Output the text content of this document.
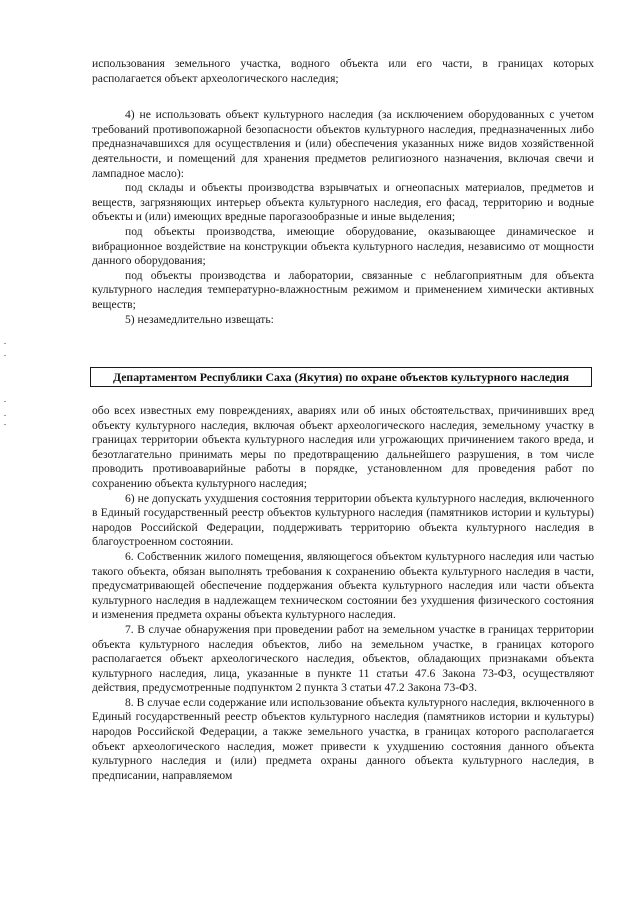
использования земельного участка, водного объекта или его части, в границах которых располагается объект археологического наследия;

4) не использовать объект культурного наследия (за исключением оборудованных с учетом требований противопожарной безопасности объектов культурного наследия, предназначенных либо предназначавшихся для осуществления и (или) обеспечения указанных ниже видов хозяйственной деятельности, и помещений для хранения предметов религиозного назначения, включая свечи и лампадное масло):

под склады и объекты производства взрывчатых и огнеопасных материалов, предметов и веществ, загрязняющих интерьер объекта культурного наследия, его фасад, территорию и водные объекты и (или) имеющих вредные парогазообразные и иные выделения;

под объекты производства, имеющие оборудование, оказывающее динамическое и вибрационное воздействие на конструкции объекта культурного наследия, независимо от мощности данного оборудования;

под объекты производства и лаборатории, связанные с неблагоприятным для объекта культурного наследия температурно-влажностным режимом и применением химически активных веществ;

5) незамедлительно извещать:

Департаментом Республики Саха (Якутия) по охране объектов культурного наследия

обо всех известных ему повреждениях, авариях или об иных обстоятельствах, причинивших вред объекту культурного наследия, включая объект археологического наследия, земельному участку в границах территории объекта культурного наследия или угрожающих причинением такого вреда, и безотлагательно принимать меры по предотвращению дальнейшего разрушения, в том числе проводить противоаварийные работы в порядке, установленном для проведения работ по сохранению объекта культурного наследия;

6) не допускать ухудшения состояния территории объекта культурного наследия, включенного в Единый государственный реестр объектов культурного наследия (памятников истории и культуры) народов Российской Федерации, поддерживать территорию объекта культурного наследия в благоустроенном состоянии.

6. Собственник жилого помещения, являющегося объектом культурного наследия или частью такого объекта, обязан выполнять требования к сохранению объекта культурного наследия в части, предусматривающей обеспечение поддержания объекта культурного наследия или части объекта культурного наследия в надлежащем техническом состоянии без ухудшения физического состояния и изменения предмета охраны объекта культурного наследия.

7. В случае обнаружения при проведении работ на земельном участке в границах территории объекта культурного наследия объектов, либо на земельном участке, в границах которого располагается объект археологического наследия, объектов, обладающих признаками объекта культурного наследия, лица, указанные в пункте 11 статьи 47.6 Закона 73-ФЗ, осуществляют действия, предусмотренные подпунктом 2 пункта 3 статьи 47.2 Закона 73-ФЗ.

8. В случае если содержание или использование объекта культурного наследия, включенного в Единый государственный реестр объектов культурного наследия (памятников истории и культуры) народов Российской Федерации, а также земельного участка, в границах которого располагается объект археологического наследия, может привести к ухудшению состояния данного объекта культурного наследия и (или) предмета охраны данного объекта культурного наследия, в предписании, направляемом
